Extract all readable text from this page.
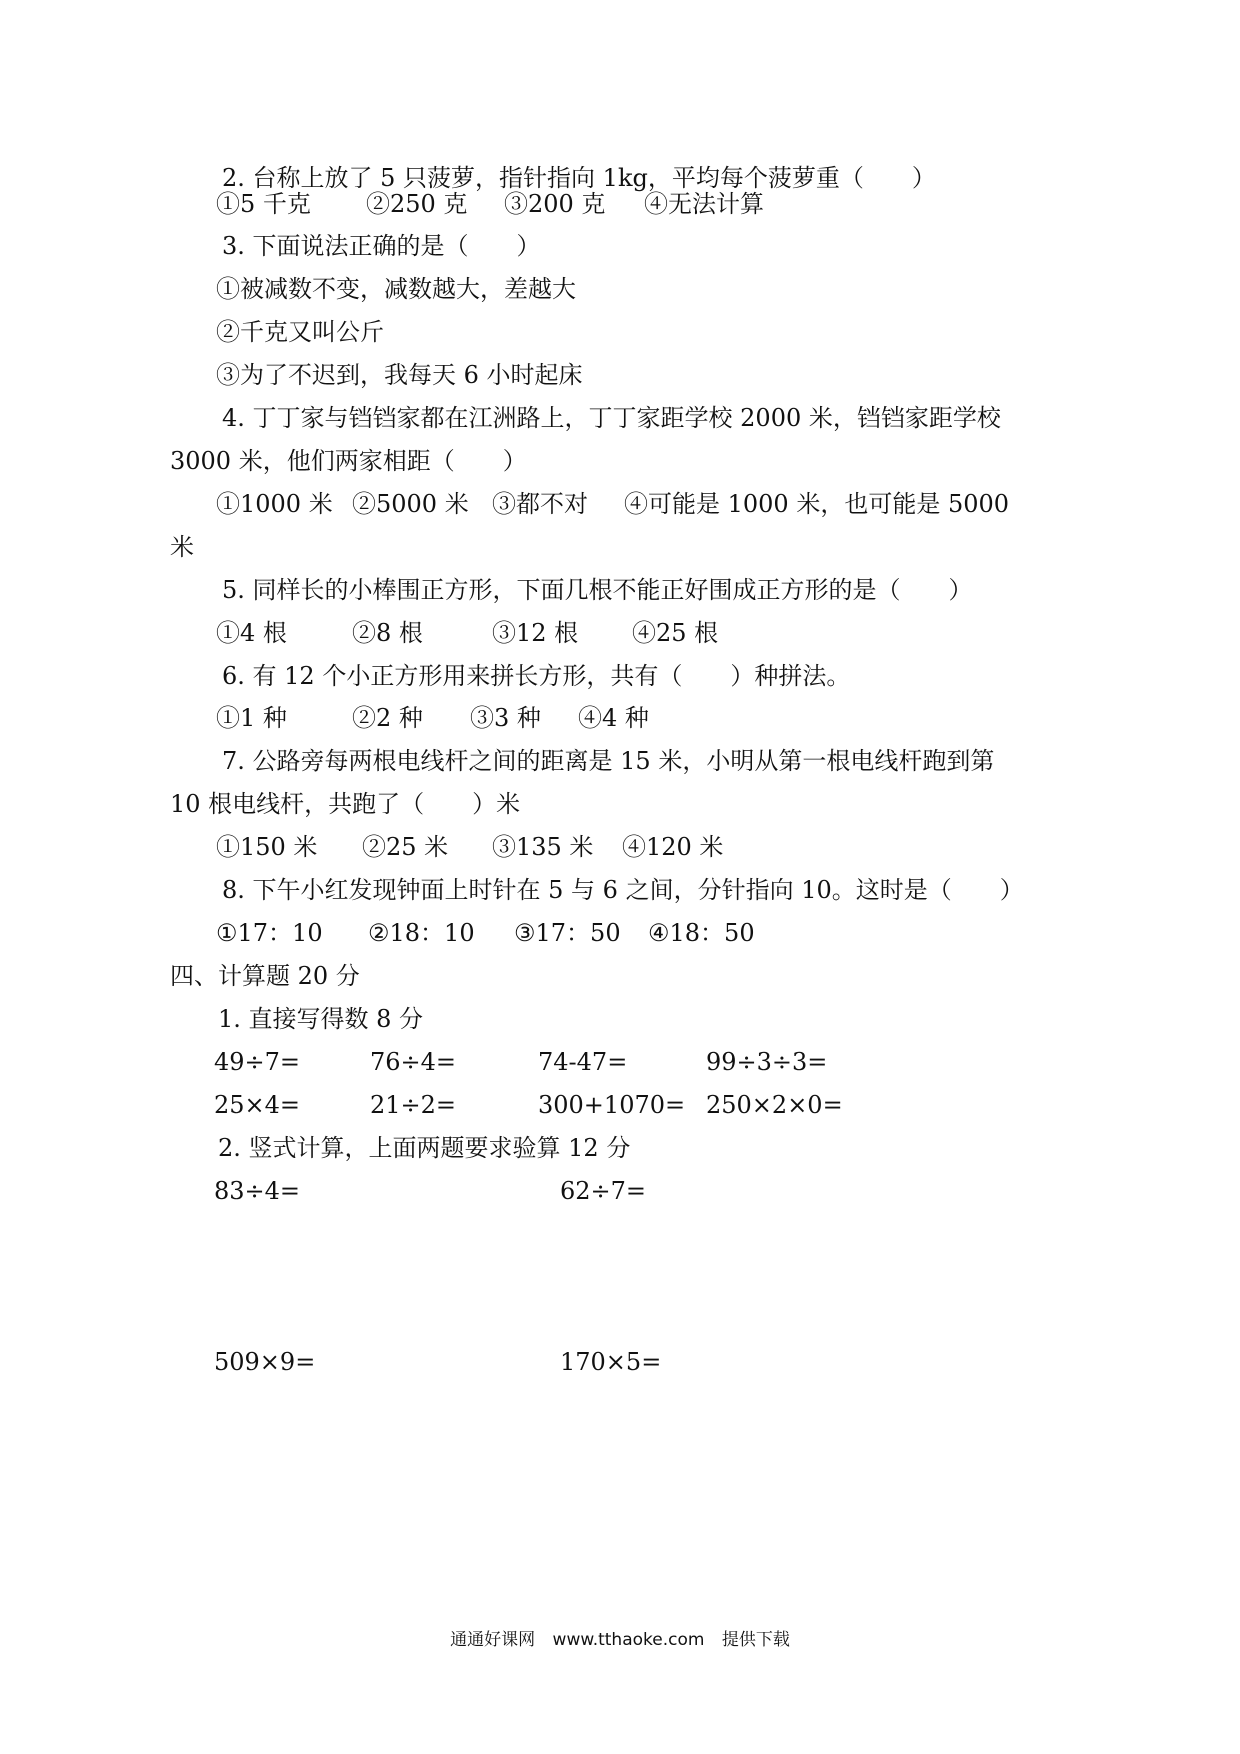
2. 台称上放了 5 只菠萝，指针指向 1kg，平均每个菠萝重（　　）
①5 千克 ②250 克 ③200 克 ④无法计算
3. 下面说法正确的是（　　）
①被减数不变，减数越大，差越大
②千克又叫公斤
③为了不迟到，我每天 6 小时起床
4. 丁丁家与铛铛家都在江洲路上，丁丁家距学校 2000 米，铛铛家距学校
3000 米，他们两家相距（　　）
①1000 米 ②5000 米 ③都不对 ④可能是 1000 米，也可能是 5000
米
5. 同样长的小棒围正方形，下面几根不能正好围成正方形的是（　　）
①4 根	②8 根	③12 根 ④25 根
6. 有 12 个小正方形用来拼长方形，共有（　　）种拼法。
①1 种	②2 种 ③3 种 ④4 种
7. 公路旁每两根电线杆之间的距离是 15 米，小明从第一根电线杆跑到第
10 根电线杆，共跑了（　　）米
①150 米 ②25 米 ③135 米 ④120 米
8. 下午小红发现钟面上时针在 5 与 6 之间，分针指向 10。这时是（　　）
①17：10 ②18：10 ③17：50 ④18：50
四、计算题 20 分
1. 直接写得数 8 分
49÷7=	76÷4=	74-47=	99÷3÷3=
25×4=	21÷2=	300+1070= 250×2×0=
2. 竖式计算，上面两题要求验算 12 分
83÷4=	62÷7=
509×9=	170×5=
通通好课网 www.tthaoke.com 提供下载
